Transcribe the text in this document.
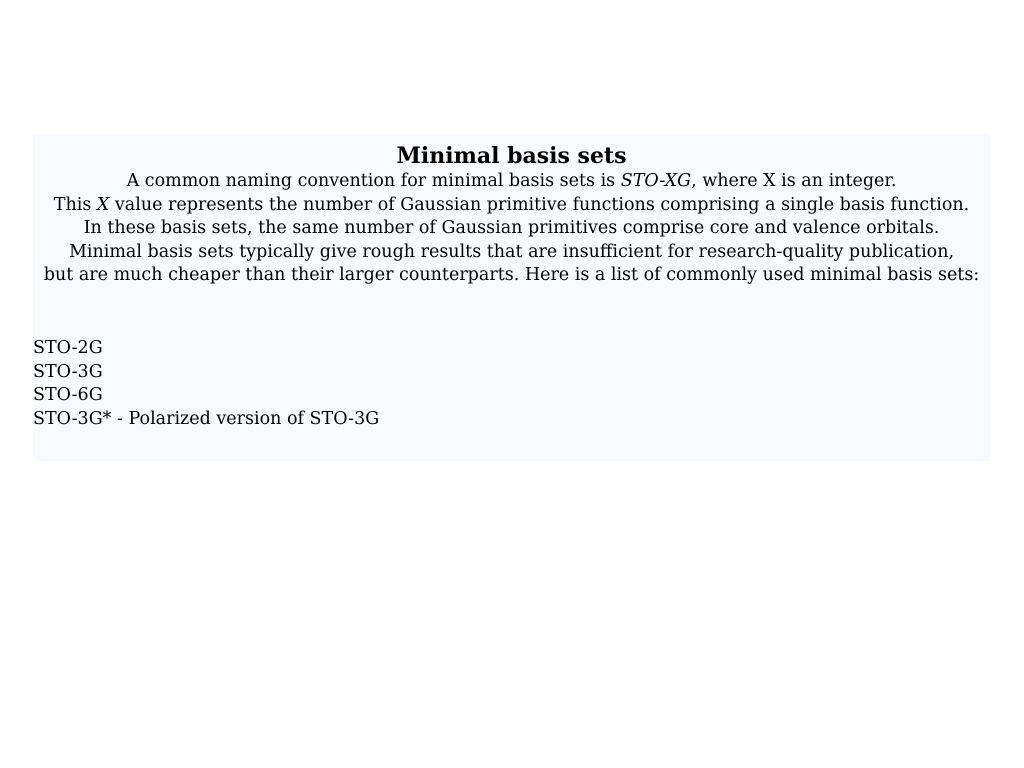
Minimal basis sets
A common naming convention for minimal basis sets is STO-XG, where X is an integer.
This X value represents the number of Gaussian primitive functions comprising a single basis function.
In these basis sets, the same number of Gaussian primitives comprise core and valence orbitals.
Minimal basis sets typically give rough results that are insufficient for research-quality publication,
but are much cheaper than their larger counterparts. Here is a list of commonly used minimal basis sets:
STO-2G
STO-3G
STO-6G
STO-3G* - Polarized version of STO-3G
